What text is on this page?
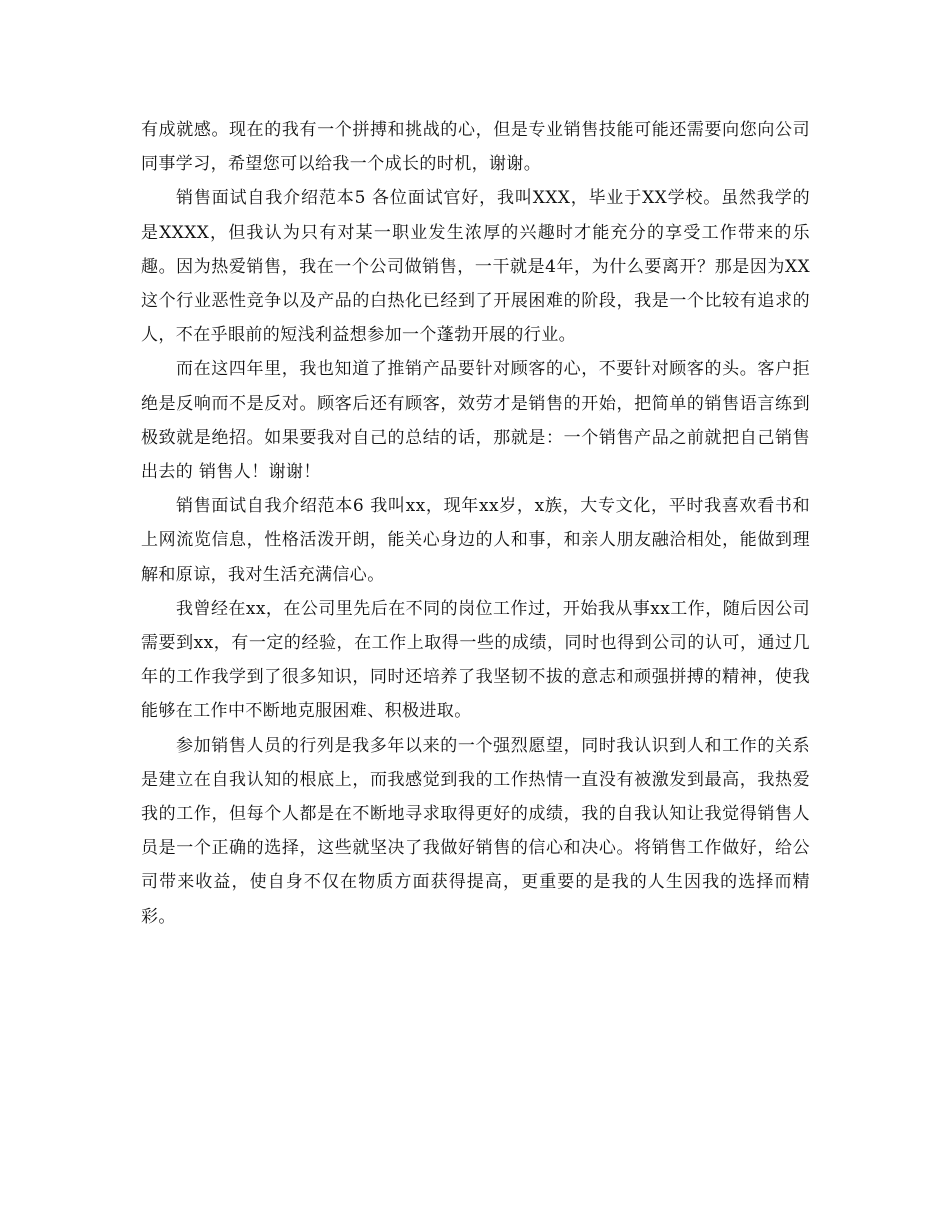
有成就感。现在的我有一个拼搏和挑战的心，但是专业销售技能可能还需要向您向公司同事学习，希望您可以给我一个成长的时机，谢谢。

销售面试自我介绍范本5 各位面试官好，我叫XXX，毕业于XX学校。虽然我学的是XXXX，但我认为只有对某一职业发生浓厚的兴趣时才能充分的享受工作带来的乐趣。因为热爱销售，我在一个公司做销售，一干就是4年，为什么要离开？那是因为XX这个行业恶性竞争以及产品的白热化已经到了开展困难的阶段，我是一个比较有追求的人，不在乎眼前的短浅利益想参加一个蓬勃开展的行业。

而在这四年里，我也知道了推销产品要针对顾客的心，不要针对顾客的头。客户拒绝是反响而不是反对。顾客后还有顾客，效劳才是销售的开始，把简单的销售语言练到极致就是绝招。如果要我对自己的总结的话，那就是：一个销售产品之前就把自己销售出去的 销售人！谢谢！

销售面试自我介绍范本6 我叫xx，现年xx岁，x族，大专文化，平时我喜欢看书和上网流览信息，性格活泼开朗，能关心身边的人和事，和亲人朋友融洽相处，能做到理解和原谅，我对生活充满信心。

我曾经在xx，在公司里先后在不同的岗位工作过，开始我从事xx工作，随后因公司需要到xx，有一定的经验，在工作上取得一些的成绩，同时也得到公司的认可，通过几年的工作我学到了很多知识，同时还培养了我坚韧不拔的意志和顽强拼搏的精神，使我能够在工作中不断地克服困难、积极进取。

参加销售人员的行列是我多年以来的一个强烈愿望，同时我认识到人和工作的关系是建立在自我认知的根底上，而我感觉到我的工作热情一直没有被激发到最高，我热爱我的工作，但每个人都是在不断地寻求取得更好的成绩，我的自我认知让我觉得销售人员是一个正确的选择，这些就坚决了我做好销售的信心和决心。将销售工作做好，给公司带来收益，使自身不仅在物质方面获得提高，更重要的是我的人生因我的选择而精彩。
